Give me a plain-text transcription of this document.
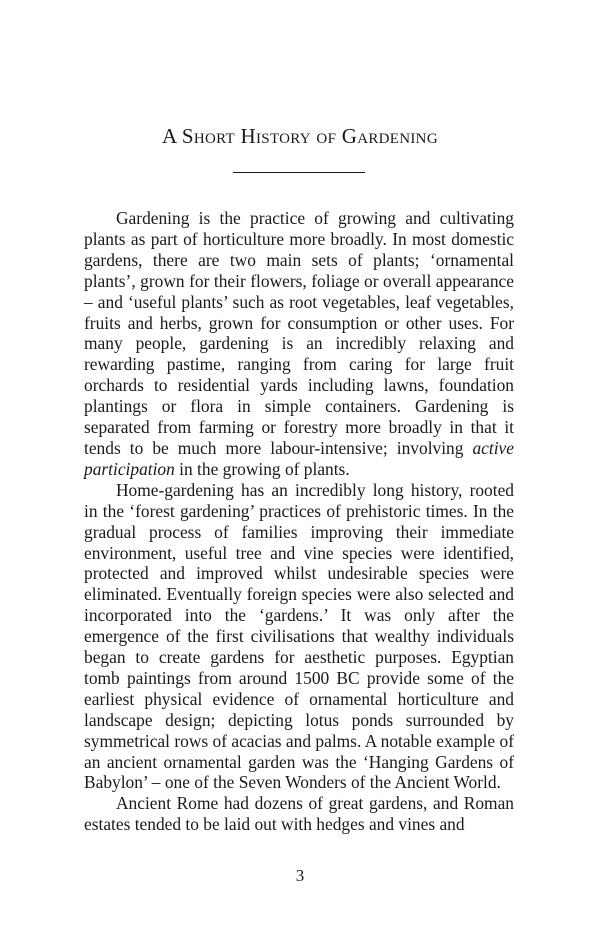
A Short History of Gardening

Gardening is the practice of growing and cultivating plants as part of horticulture more broadly. In most domestic gardens, there are two main sets of plants; ‘ornamental plants’, grown for their flowers, foliage or overall appearance – and ‘useful plants’ such as root vegetables, leaf vegetables, fruits and herbs, grown for consumption or other uses. For many people, gardening is an incredibly relaxing and rewarding pastime, ranging from caring for large fruit orchards to residential yards including lawns, foundation plantings or flora in simple containers. Gardening is separated from farming or forestry more broadly in that it tends to be much more labour-intensive; involving active participation in the growing of plants.

Home-gardening has an incredibly long history, rooted in the ‘forest gardening’ practices of prehistoric times. In the gradual process of families improving their immediate environment, useful tree and vine species were identified, protected and improved whilst undesirable species were eliminated. Eventually foreign species were also selected and incorporated into the ‘gardens.’ It was only after the emergence of the first civilisations that wealthy individuals began to create gardens for aesthetic purposes. Egyptian tomb paintings from around 1500 BC provide some of the earliest physical evidence of ornamental horticulture and landscape design; depicting lotus ponds surrounded by symmetrical rows of acacias and palms. A notable example of an ancient ornamental garden was the ‘Hanging Gardens of Babylon’ – one of the Seven Wonders of the Ancient World.

Ancient Rome had dozens of great gardens, and Roman estates tended to be laid out with hedges and vines and

3
